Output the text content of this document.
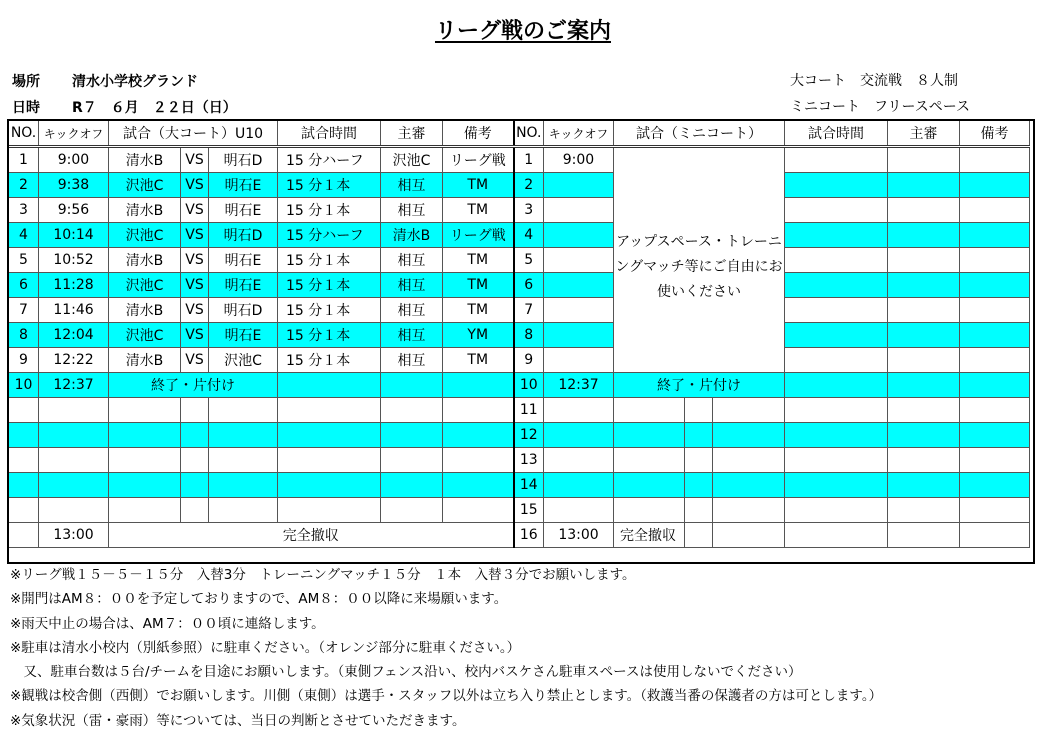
リーグ戦のご案内
場所 清水小学校グランド
日時 R７　６月　２２日（日）
大コート　交流戦　８人制
ミニコート　フリースペース
NO.	キックオフ	試合（大コート）U10			試合時間	主審	備考	NO.	キックオフ	試合（ミニコート）			試合時間	主審	備考
1	9:00	清水B	VS	明石D	15 分ハーフ	沢池C	リーグ戦	1	9:00	アップスペース・トレーニングマッチ等にご自由にお使いください					
2	9:38	沢池C	VS	明石E	15 分１本	相互	TM	2							
3	9:56	清水B	VS	明石E	15 分１本	相互	TM	3							
4	10:14	沢池C	VS	明石D	15 分ハーフ	清水B	リーグ戦	4							
5	10:52	清水B	VS	明石E	15 分１本	相互	TM	5							
6	11:28	沢池C	VS	明石E	15 分１本	相互	TM	6							
7	11:46	清水B	VS	明石D	15 分１本	相互	TM	7							
8	12:04	沢池C	VS	明石E	15 分１本	相互	YM	8							
9	12:22	清水B	VS	沢池C	15 分１本	相互	TM	9							
10	12:37	終了・片付け						10	12:37	終了・片付け					
								11							
								12							
								13							
								14							
								15							
	13:00	完全撤収						16	13:00	完全撤収					
※リーグ戦１５－５－１５分　入替3分　トレーニングマッチ１５分　１本　入替３分でお願いします。
※開門はAM８：００を予定しておりますので、AM８：００以降に来場願います。
※雨天中止の場合は、AM７：００頃に連絡します。
※駐車は清水小校内（別紙参照）に駐車ください。（オレンジ部分に駐車ください。）
　又、駐車台数は５台/チームを目途にお願いします。（東側フェンス沿い、校内バスケさん駐車スペースは使用しないでください）
※観戦は校舎側（西側）でお願いします。川側（東側）は選手・スタッフ以外は立ち入り禁止とします。（救護当番の保護者の方は可とします。）
※気象状況（雷・豪雨）等については、当日の判断とさせていただきます。
